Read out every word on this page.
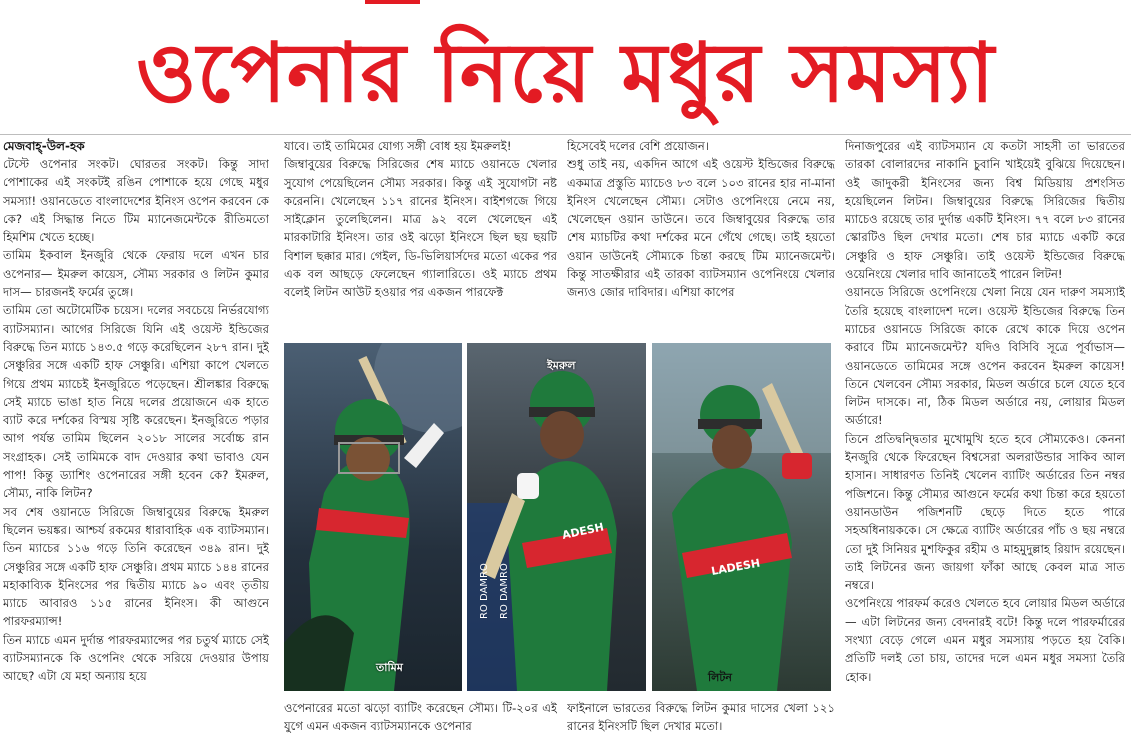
ওপেনার নিয়ে মধুর সমস্যা

মেজবাহ্-উল-হক

টেস্টে ওপেনার সংকট। ঘোরতর সংকট। কিন্তু সাদা পোশাকের এই সংকটই রঙিন পোশাকে হয়ে গেছে মধুর সমস্যা! ওয়ানডেতে বাংলাদেশের ইনিংস ওপেন করবেন কে কে? এই সিদ্ধান্ত নিতে টিম ম্যানেজমেন্টকে রীতিমতো হিমশিম খেতে হচ্ছে।

তামিম ইকবাল ইনজুরি থেকে ফেরায় দলে এখন চার ওপেনার— ইমরুল কায়েস, সৌম্য সরকার ও লিটন কুমার দাস— চারজনই ফর্মের তুঙ্গে।

তামিম তো অটোমেটিক চয়েস। দলের সবচেয়ে নির্ভরযোগ্য ব্যাটসম্যান। আগের সিরিজে যিনি এই ওয়েস্ট ইন্ডিজের বিরুদ্ধে তিন ম্যাচে ১৪৩.৫ গড়ে করেছিলেন ২৮৭ রান। দুই সেঞ্চুরির সঙ্গে একটি হাফ সেঞ্চুরি। এশিয়া কাপে খেলতে গিয়ে প্রথম ম্যাচেই ইনজুরিতে পড়েছেন। শ্রীলঙ্কার বিরুদ্ধে সেই ম্যাচে ভাঙা হাত নিয়ে দলের প্রয়োজনে এক হাতে ব্যাট করে দর্শকের বিস্ময় সৃষ্টি করেছেন। ইনজুরিতে পড়ার আগ পর্যন্ত তামিম ছিলেন ২০১৮ সালের সর্বোচ্চ রান সংগ্রাহক। সেই তামিমকে বাদ দেওয়ার কথা ভাবাও যেন পাপ! কিন্তু ড্যাশিং ওপেনারের সঙ্গী হবেন কে? ইমরুল, সৌম্য, নাকি লিটন?

সব শেষ ওয়ানডে সিরিজে জিম্বাবুয়ের বিরুদ্ধে ইমরুল ছিলেন ভয়ঙ্কর। আশ্চর্য রকমের ধারাবাহিক এক ব্যাটসম্যান। তিন ম্যাচের ১১৬ গড়ে তিনি করেছেন ৩৪৯ রান। দুই সেঞ্চুরির সঙ্গে একটি হাফ সেঞ্চুরি। প্রথম ম্যাচে ১৪৪ রানের মহাকাব্যিক ইনিংসের পর দ্বিতীয় ম্যাচে ৯০ এবং তৃতীয় ম্যাচে আবারও ১১৫ রানের ইনিংস। কী আগুনে পারফরম্যান্স!

তিন ম্যাচে এমন দুর্দান্ত পারফরম্যান্সের পর চতুর্থ ম্যাচে সেই ব্যাটসম্যানকে কি ওপেনিং থেকে সরিয়ে দেওয়ার উপায় আছে? এটা যে মহা অন্যায় হয়ে

যাবে। তাই তামিমের যোগ্য সঙ্গী বোধ হয় ইমরুলই!

জিম্বাবুয়ের বিরুদ্ধে সিরিজের শেষ ম্যাচে ওয়ানডে খেলার সুযোগ পেয়েছিলেন সৌম্য সরকার। কিন্তু এই সুযোগটা নষ্ট করেননি। খেলেছেন ১১৭ রানের ইনিংস। বাইশগজে গিয়ে সাইক্লোন তুলেছিলেন। মাত্র ৯২ বলে খেলেছেন এই মারকাটারি ইনিংস। তার ওই ঝড়ো ইনিংসে ছিল ছয় ছয়টি বিশাল ছক্কার মার। গেইল, ডি-ভিলিয়ার্সদের মতো একের পর এক বল আছড়ে ফেলেছেন গ্যালারিতে। ওই ম্যাচে প্রথম বলেই লিটন আউট হওয়ার পর একজন পারফেক্ট

হিসেবেই দলের বেশি প্রয়োজন।

শুধু তাই নয়, একদিন আগে এই ওয়েস্ট ইন্ডিজের বিরুদ্ধে একমাত্র প্রস্তুতি ম্যাচেও ৮৩ বলে ১০৩ রানের হার না-মানা ইনিংস খেলেছেন সৌম্য। সেটাও ওপেনিংয়ে নেমে নয়, খেলেছেন ওয়ান ডাউনে। তবে জিম্বাবুয়ের বিরুদ্ধে তার শেষ ম্যাচটির কথা দর্শকের মনে গেঁথে গেছে। তাই হয়তো ওয়ান ডাউনেই সৌম্যকে চিন্তা করছে টিম ম্যানেজমেন্ট। কিন্তু সাতক্ষীরার এই তারকা ব্যাটসম্যান ওপেনিংয়ে খেলার জন্যও জোর দাবিদার। এশিয়া কাপের

দিনাজপুরের এই ব্যাটসম্যান যে কতটা সাহসী তা ভারতের তারকা বোলারদের নাকানি চুবানি খাইয়েই বুঝিয়ে দিয়েছেন। ওই জাদুকরী ইনিংসের জন্য বিশ্ব মিডিয়ায় প্রশংসিত হয়েছিলেন লিটন। জিম্বাবুয়ের বিরুদ্ধে সিরিজের দ্বিতীয় ম্যাচেও রয়েছে তার দুর্দান্ত একটি ইনিংস। ৭৭ বলে ৮৩ রানের স্কোরটিও ছিল দেখার মতো। শেষ চার ম্যাচে একটি করে সেঞ্চুরি ও হাফ সেঞ্চুরি। তাই ওয়েস্ট ইন্ডিজের বিরুদ্ধে ওয়েনিংয়ে খেলার দাবি জানাতেই পারেন লিটন!

ওয়ানডে সিরিজে ওপেনিংয়ে খেলা নিয়ে যেন দারুণ সমস্যাই তৈরি হয়েছে বাংলাদেশ দলে। ওয়েস্ট ইন্ডিজের বিরুদ্ধে তিন ম্যাচের ওয়ানডে সিরিজে কাকে রেখে কাকে দিয়ে ওপেন করাবে টিম ম্যানেজমেন্ট? যদিও বিসিবি সূত্রে পূর্বাভাস—ওয়ানডেতে তামিমের সঙ্গে ওপেন করবেন ইমরুল কায়েস! তিনে খেলবেন সৌম্য সরকার, মিডল অর্ডারে চলে যেতে হবে লিটন দাসকে। না, ঠিক মিডল অর্ডারে নয়, লোয়ার মিডল অর্ডারে!

তিনে প্রতিদ্বন্দ্বিতার মুখোমুখি হতে হবে সৌম্যকেও। কেননা ইনজুরি থেকে ফিরেছেন বিশ্বসেরা অলরাউন্ডার সাকিব আল হাসান। সাধারণত তিনিই খেলেন ব্যাটিং অর্ডারের তিন নম্বর পজিশনে। কিন্তু সৌম্যর আগুনে ফর্মের কথা চিন্তা করে হয়তো ওয়ানডাউন পজিশনটি ছেড়ে দিতে হতে পারে সহঅধিনায়ককে। সে ক্ষেত্রে ব্যাটিং অর্ডারের পাঁচ ও ছয় নম্বরে তো দুই সিনিয়র মুশফিকুর রহীম ও মাহমুদুল্লাহ রিয়াদ রয়েছেন। তাই লিটনের জন্য জায়গা ফাঁকা আছে কেবল মাত্র সাত নম্বরে।

ওপেনিংয়ে পারফর্ম করেও খেলতে হবে লোয়ার মিডল অর্ডারে— এটা লিটনের জন্য বেদনারই বটে! কিন্তু দলে পারফর্মারের সংখ্যা বেড়ে গেলে এমন মধুর সমস্যায় পড়তে হয় বৈকি। প্রতিটি দলই তো চায়, তাদের দলে এমন মধুর সমস্যা তৈরি হোক।

তামিম
RO DAMRO RO DAMRO
ADESH
ইমরুল
LADESH
লিটন
ওপেনারের মতো ঝড়ো ব্যাটিং করেছেন সৌম্য। টি-২০র এই যুগে এমন একজন ব্যাটসম্যানকে ওপেনার
ফাইনালে ভারতের বিরুদ্ধে লিটন কুমার দাসের খেলা ১২১ রানের ইনিংসটি ছিল দেখার মতো।
